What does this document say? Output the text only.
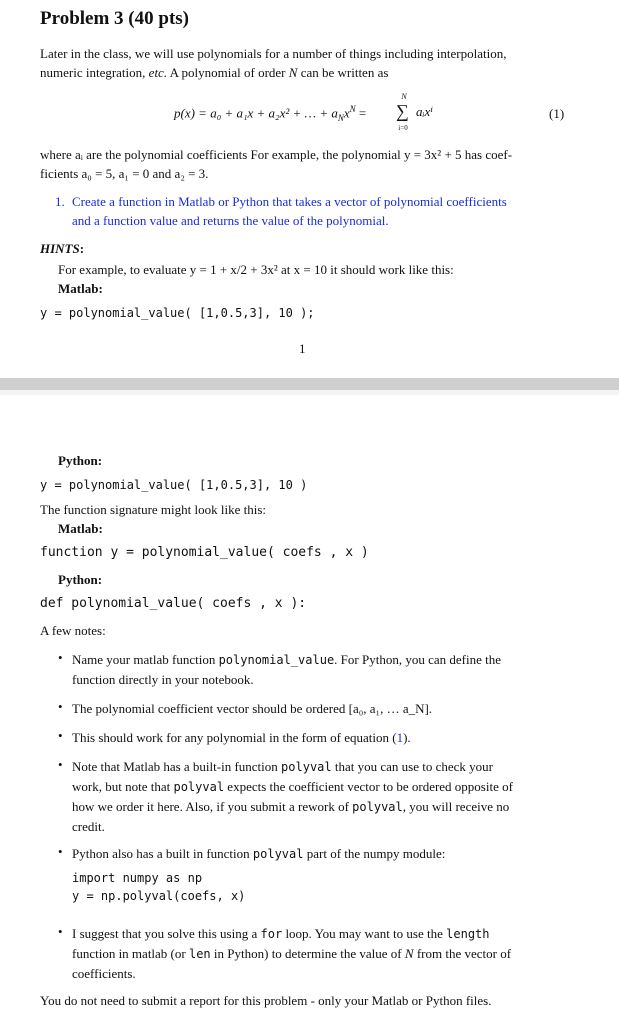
Problem 3 (40 pts)
Later in the class, we will use polynomials for a number of things including interpolation,
numeric integration, etc. A polynomial of order N can be written as
p(x) = a₀ + a₁x + a₂x² + … + $a_Nx^N$ =
N
∑
i=0
aᵢxⁱ	(1)
where aᵢ are the polynomial coefficients For example, the polynomial y = 3x² + 5 has coef-
ficients a₀ = 5, a₁ = 0 and a₂ = 3.
1. Create a function in Matlab or Python that takes a vector of polynomial coefficients
and a function value and returns the value of the polynomial.
HINTS:
For example, to evaluate y = 1 + x/2 + 3x² at x = 10 it should work like this:
Matlab:
y = polynomial_value( [1,0.5,3], 10 );
1
Python:
y = polynomial_value( [1,0.5,3], 10 )
The function signature might look like this:
Matlab:
function y = polynomial_value( coefs , x )
Python:
def polynomial_value( coefs , x ):
A few notes:
• Name your matlab function polynomial_value. For Python, you can define the
function directly in your notebook.
• The polynomial coefficient vector should be ordered [a₀, a₁, … a_N].
• This should work for any polynomial in the form of equation (1).
• Note that Matlab has a built-in function polyval that you can use to check your
work, but note that polyval expects the coefficient vector to be ordered opposite of
how we order it here. Also, if you submit a rework of polyval, you will receive no
credit.
• Python also has a built in function polyval part of the numpy module:
import numpy as np
y = np.polyval(coefs, x)
• I suggest that you solve this using a for loop. You may want to use the length
function in matlab (or len in Python) to determine the value of N from the vector of
coefficients.
You do not need to submit a report for this problem - only your Matlab or Python files.
